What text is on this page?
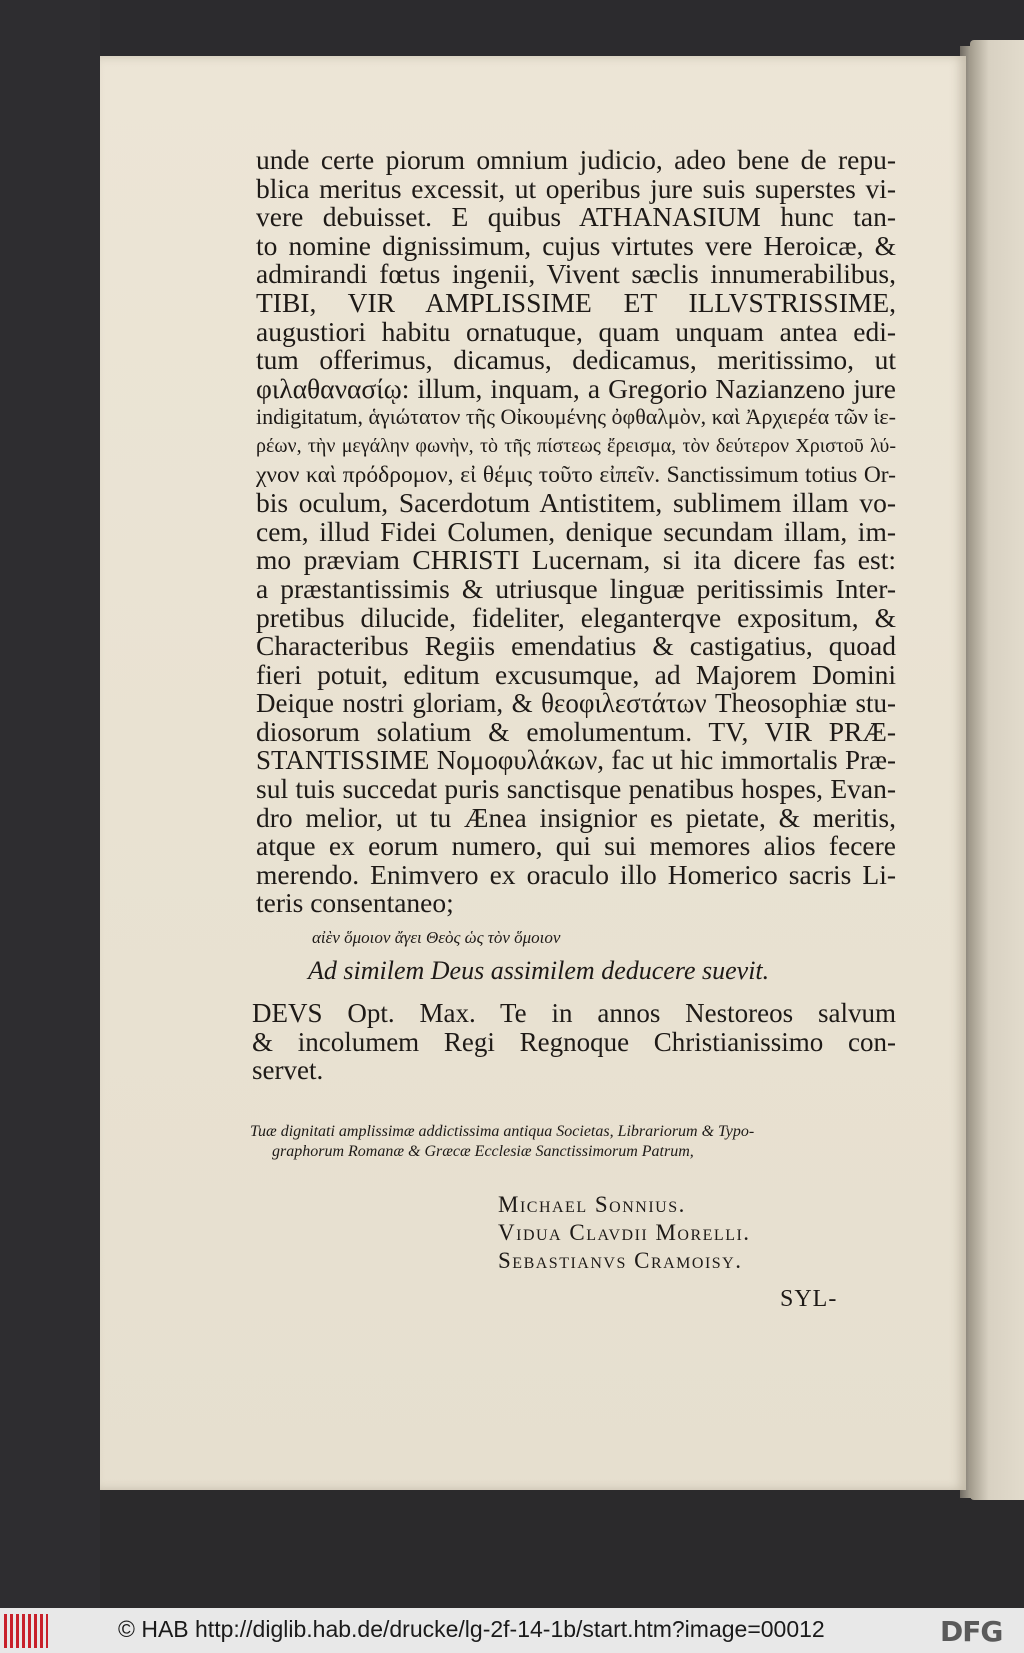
unde certe piorum omnium judicio, adeo bene de repu-
blica meritus excessit, ut operibus jure suis superstes vi-
vere debuisset. E quibus ATHANASIUM hunc tan-
to nomine dignissimum, cujus virtutes vere Heroicæ, &
admirandi fœtus ingenii, Vivent sæclis innumerabilibus,
TIBI, VIR AMPLISSIME ET ILLVSTRISSIME,
augustiori habitu ornatuque, quam unquam antea edi-
tum offerimus, dicamus, dedicamus, meritissimo, ut
φιλαθανασίῳ: illum, inquam, a Gregorio Nazianzeno jure
indigitatum, ἁγιώτατον τῆς Οἰκουμένης ὀφθαλμὸν, καὶ Ἀρχιερέα τῶν ἱε-
ρέων, τὴν μεγάλην φωνὴν, τὸ τῆς πίστεως ἔρεισμα, τὸν δεύτερον Χριστοῦ λύ-
χνον καὶ πρόδρομον, εἰ θέμις τοῦτο εἰπεῖν. Sanctissimum totius Or-
bis oculum, Sacerdotum Antistitem, sublimem illam vo-
cem, illud Fidei Columen, denique secundam illam, im-
mo præviam CHRISTI Lucernam, si ita dicere fas est:
a præstantissimis & utriusque linguæ peritissimis Inter-
pretibus dilucide, fideliter, eleganterqve expositum, &
Characteribus Regiis emendatius & castigatius, quoad
fieri potuit, editum excusumque, ad Majorem Domini
Deique nostri gloriam, & θεοφιλεστάτων Theosophiæ stu-
diosorum solatium & emolumentum. TV, VIR PRÆ-
STANTISSIME Νομοφυλάκων, fac ut hic immortalis Præ-
sul tuis succedat puris sanctisque penatibus hospes, Evan-
dro melior, ut tu Ænea insignior es pietate, & meritis,
atque ex eorum numero, qui sui memores alios fecere
merendo. Enimvero ex oraculo illo Homerico sacris Li-
teris consentaneo;
αἰὲν ὅμοιον ἄγει Θεὸς ὡς τὸν ὅμοιον
Ad similem Deus assimilem deducere suevit.
DEVS Opt. Max. Te in annos Nestoreos salvum
& incolumem Regi Regnoque Christianissimo con-
servet.
Tuæ dignitati amplissimæ addictissima antiqua Societas, Librariorum & Typo-
graphorum Romanæ & Græcæ Ecclesiæ Sanctissimorum Patrum,
Michael Sonnius.
Vidua Clavdii Morelli.
Sebastianvs Cramoisy.
SYL-
© HAB http://diglib.hab.de/drucke/lg-2f-14-1b/start.htm?image=00012	DFG
